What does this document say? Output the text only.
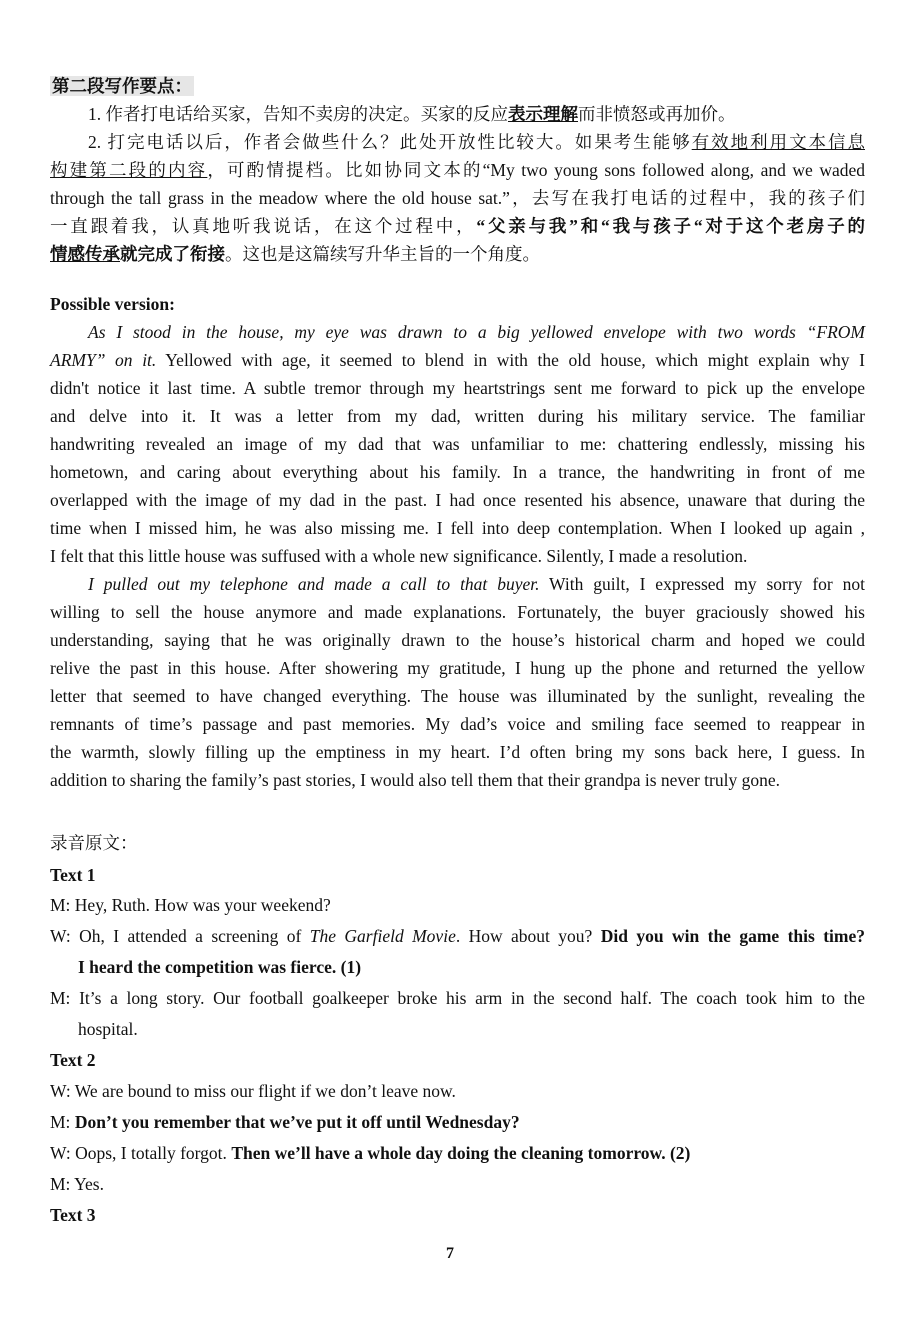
第二段写作要点：
1. 作者打电话给买家，告知不卖房的决定。买家的反应表示理解而非愤怒或再加价。
2. 打完电话以后，作者会做些什么？此处开放性比较大。如果考生能够有效地利用文本信息
构建第二段的内容，可酌情提档。比如协同文本的“My two young sons followed along, and we waded
through the tall grass in the meadow where the old house sat.”，去写在我打电话的过程中，我的孩子们
一直跟着我，认真地听我说话，在这个过程中，“父亲与我”和“我与孩子“对于这个老房子的
情感传承就完成了衔接。这也是这篇续写升华主旨的一个角度。
Possible version:
As I stood in the house, my eye was drawn to a big yellowed envelope with two words “FROM
ARMY” on it. Yellowed with age, it seemed to blend in with the old house, which might explain why I
didn't notice it last time. A subtle tremor through my heartstrings sent me forward to pick up the envelope
and delve into it. It was a letter from my dad, written during his military service. The familiar
handwriting revealed an image of my dad that was unfamiliar to me: chattering endlessly, missing his
hometown, and caring about everything about his family. In a trance, the handwriting in front of me
overlapped with the image of my dad in the past. I had once resented his absence, unaware that during the
time when I missed him, he was also missing me. I fell into deep contemplation. When I looked up again ,
I felt that this little house was suffused with a whole new significance. Silently, I made a resolution.
I pulled out my telephone and made a call to that buyer. With guilt, I expressed my sorry for not
willing to sell the house anymore and made explanations. Fortunately, the buyer graciously showed his
understanding, saying that he was originally drawn to the house’s historical charm and hoped we could
relive the past in this house. After showering my gratitude, I hung up the phone and returned the yellow
letter that seemed to have changed everything. The house was illuminated by the sunlight, revealing the
remnants of time’s passage and past memories. My dad’s voice and smiling face seemed to reappear in
the warmth, slowly filling up the emptiness in my heart. I’d often bring my sons back here, I guess. In
addition to sharing the family’s past stories, I would also tell them that their grandpa is never truly gone.
录音原文：
Text 1
M: Hey, Ruth. How was your weekend?
W: Oh, I attended a screening of The Garfield Movie. How about you? Did you win the game this time?
I heard the competition was fierce. (1)
M: It’s a long story. Our football goalkeeper broke his arm in the second half. The coach took him to the
hospital.
Text 2
W: We are bound to miss our flight if we don’t leave now.
M: Don’t you remember that we’ve put it off until Wednesday?
W: Oops, I totally forgot. Then we’ll have a whole day doing the cleaning tomorrow. (2)
M: Yes.
Text 3
7
